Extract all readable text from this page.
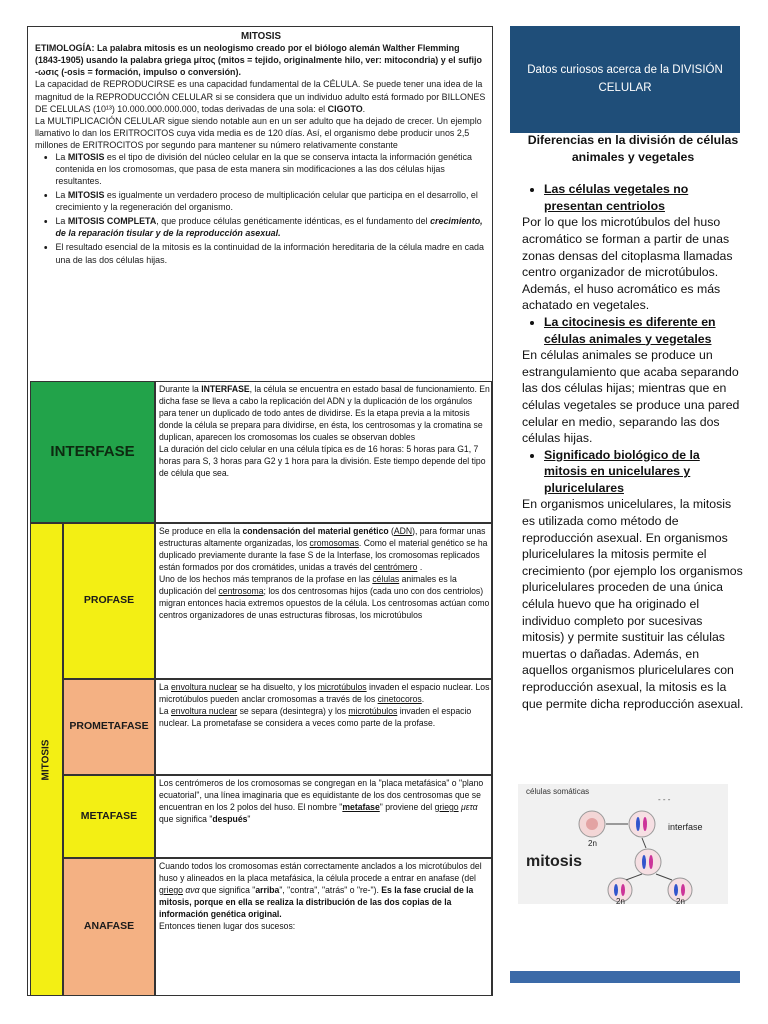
MITOSIS

ETIMOLOGÍA: La palabra mitosis es un neologismo creado por el biólogo alemán Walther Flemming (1843-1905) usando la palabra griega μίτος (mitos = tejido, originalmente hilo, ver: mitocondria) y el sufijo -ωσις (-osis = formación, impulso o conversión).

La capacidad de REPRODUCIRSE es una capacidad fundamental de la CÉLULA. Se puede tener una idea de la magnitud de la REPRODUCCIÓN CELULAR si se considera que un individuo adulto está formado por BILLONES DE CELULAS (10¹³) 10.000.000.000.000, todas derivadas de una sola: el CIGOTO.

La MULTIPLICACIÓN CELULAR sigue siendo notable aun en un ser adulto que ha dejado de crecer. Un ejemplo llamativo lo dan los ERITROCITOS cuya vida media es de 120 días. Así, el organismo debe producir unos 2,5 millones de ERITROCITOS por segundo para mantener su número relativamente constante

• La MITOSIS es el tipo de división del núcleo celular en la que se conserva intacta la información genética contenida en los cromosomas, que pasa de esta manera sin modificaciones a las dos células hijas resultantes.
• La MITOSIS es igualmente un verdadero proceso de multiplicación celular que participa en el desarrollo, el crecimiento y la regeneración del organismo.
• La MITOSIS COMPLETA, que produce células genéticamente idénticas, es el fundamento del crecimiento, de la reparación tisular y de la reproducción asexual.
• El resultado esencial de la mitosis es la continuidad de la información hereditaria de la célula madre en cada una de las dos células hijas.
INTERFASE
Durante la INTERFASE, la célula se encuentra en estado basal de funcionamiento. En dicha fase se lleva a cabo la replicación del ADN y la duplicación de los orgánulos para tener un duplicado de todo antes de dividirse. Es la etapa previa a la mitosis donde la célula se prepara para dividirse, en ésta, los centrosomas y la cromatina se duplican, aparecen los cromosomas los cuales se observan dobles
La duración del ciclo celular en una célula típica es de 16 horas: 5 horas para G1, 7 horas para S, 3 horas para G2 y 1 hora para la división. Este tiempo depende del tipo de célula que sea.
MITOSIS
PROFASE
Se produce en ella la condensación del material genético (ADN), para formar unas estructuras altamente organizadas, los cromosomas. Como el material genético se ha duplicado previamente durante la fase S de la Interfase, los cromosomas replicados están formados por dos cromátides, unidas a través del centrómero .
Uno de los hechos más tempranos de la profase en las células animales es la duplicación del centrosoma; los dos centrosomas hijos (cada uno con dos centriolos) migran entonces hacia extremos opuestos de la célula. Los centrosomas actúan como centros organizadores de unas estructuras fibrosas, los microtúbulos
PROMETAFASE
La envoltura nuclear se ha disuelto, y los microtúbulos invaden el espacio nuclear. Los microtúbulos pueden anclar cromosomas a través de los cinetocoros.
La envoltura nuclear se separa (desintegra) y los microtúbulos invaden el espacio nuclear. La prometafase se considera a veces como parte de la profase.
METAFASE
Los centrómeros de los cromosomas se congregan en la "placa metafásica" o "plano ecuatorial", una línea imaginaria que es equidistante de los dos centrosomas que se encuentran en los 2 polos del huso. El nombre "metafase" proviene del griego μετα que significa "después"
ANAFASE
Cuando todos los cromosomas están correctamente anclados a los microtúbulos del huso y alineados en la placa metafásica, la célula procede a entrar en anafase (del griego ανα que significa "arriba", "contra", "atrás" o "re-"). Es la fase crucial de la mitosis, porque en ella se realiza la distribución de las dos copias de la información genética original.
Entonces tienen lugar dos sucesos:
Datos curiosos acerca de la DIVISIÓN CELULAR

Diferencias en la división de células animales y vegetales

• Las células vegetales no presentan centriolos

Por lo que los microtúbulos del huso acromático se forman a partir de unas zonas densas del citoplasma llamadas centro organizador de microtúbulos. Además, el huso acromático es más achatado en vegetales.

• La citocinesis es diferente en células animales y vegetales

En células animales se produce un estrangulamiento que acaba separando las dos células hijas; mientras que en células vegetales se produce una pared celular en medio, separando las dos células hijas.

• Significado biológico de la mitosis en unicelulares y pluricelulares

En organismos unicelulares, la mitosis es utilizada como método de reproducción asexual. En organismos pluricelulares la mitosis permite el crecimiento (por ejemplo los organismos pluricelulares proceden de una única célula huevo que ha originado el individuo completo por sucesivas mitosis) y permite sustituir las células muertas o dañadas. Además, en aquellos organismos pluricelulares con reproducción asexual, la mitosis es la que permite dicha reproducción asexual.

células somáticas
- - -
2n
interfase
mitosis
2n	2n
